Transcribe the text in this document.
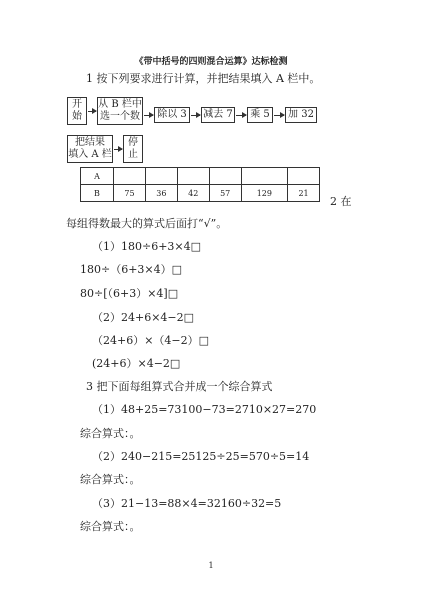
《带中括号的四则混合运算》达标检测
1 按下列要求进行计算，并把结果填入 A 栏中。
开
始
从 B 栏中
选一个数	除以 3	减去 7	乘 5	加 32
把结果
填入 A 栏
停
止
A						
B	75	36	42	57	129	21
2 在
每组得数最大的算式后面打“√”。
（1）180÷6+3×4□
180÷（6+3×4）□
80÷[（6+3）×4]□
（2）24+6×4−2□
（24+6）×（4−2）□
(24+6）×4−2□
3 把下面每组算式合并成一个综合算式
（1）48+25=73100−73=2710×27=270
综合算式：。
（2）240−215=25125÷25=570÷5=14
综合算式：。
（3）21−13=88×4=32160÷32=5
综合算式：。
1
